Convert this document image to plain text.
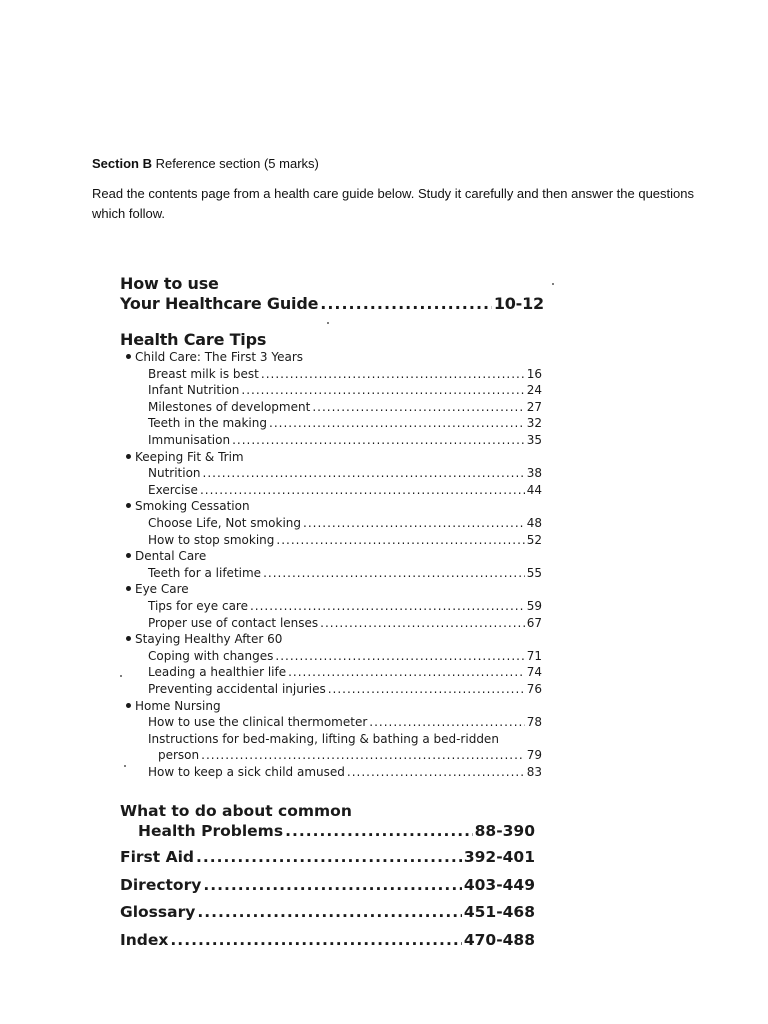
Section B Reference section (5 marks)
Read the contents page from a health care guide below. Study it carefully and then answer the questions which follow.
How to use
Your Healthcare Guide .....	10-12
Health Care Tips
Child Care: The First 3 Years
Breast milk is best .....	16
Infant Nutrition .....	24
Milestones of development .....	27
Teeth in the making .....	32
Immunisation .....	35
Keeping Fit & Trim
Nutrition .....	38
Exercise .....	44
Smoking Cessation
Choose Life, Not smoking .....	48
How to stop smoking .....	52
Dental Care
Teeth for a lifetime .....	55
Eye Care
Tips for eye care .....	59
Proper use of contact lenses .....	67
Staying Healthy After 60
Coping with changes .....	71
Leading a healthier life .....	74
Preventing accidental injuries .....	76
Home Nursing
How to use the clinical thermometer .....	78
Instructions for bed-making, lifting & bathing a bed-ridden
person .....	79
How to keep a sick child amused .....	83
What to do about common
Health Problems .....	88-390
First Aid .....	392-401
Directory .....	403-449
Glossary .....	451-468
Index .....	470-488
